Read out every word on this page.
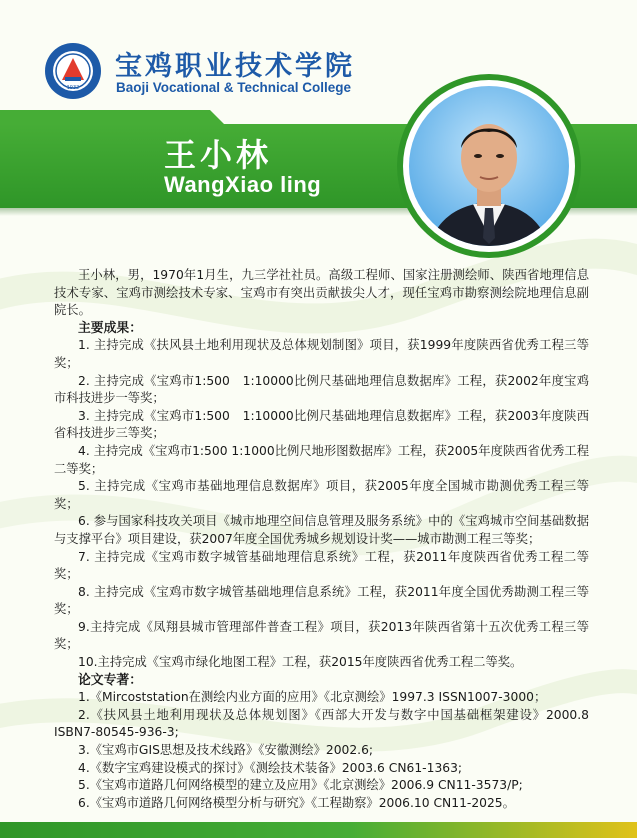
1932
宝鸡职业技术学院
Baoji Vocational & Technical College
王小林
WangXiao ling

王小林，男，1970年1月生，九三学社社员。高级工程师、国家注册测绘师、陕西省地理信息技术专家、宝鸡市测绘技术专家、宝鸡市有突出贡献拔尖人才，现任宝鸡市勘察测绘院地理信息副院长。

主要成果：

1. 主持完成《扶风县土地利用现状及总体规划制图》项目，获1999年度陕西省优秀工程三等奖；

2. 主持完成《宝鸡市1:500　1:10000比例尺基础地理信息数据库》工程，获2002年度宝鸡市科技进步一等奖；

3. 主持完成《宝鸡市1:500　1:10000比例尺基础地理信息数据库》工程，获2003年度陕西省科技进步三等奖；

4. 主持完成《宝鸡市1:500 1:1000比例尺地形图数据库》工程，获2005年度陕西省优秀工程二等奖；

5. 主持完成《宝鸡市基础地理信息数据库》项目，获2005年度全国城市勘测优秀工程三等奖；

6. 参与国家科技攻关项目《城市地理空间信息管理及服务系统》中的《宝鸡城市空间基础数据与支撑平台》项目建设，获2007年度全国优秀城乡规划设计奖——城市勘测工程三等奖；

7. 主持完成《宝鸡市数字城管基础地理信息系统》工程，获2011年度陕西省优秀工程二等奖；

8. 主持完成《宝鸡市数字城管基础地理信息系统》工程，获2011年度全国优秀勘测工程三等奖；

9.主持完成《凤翔县城市管理部件普查工程》项目，获2013年陕西省第十五次优秀工程三等奖；

10.主持完成《宝鸡市绿化地图工程》工程，获2015年度陕西省优秀工程二等奖。

论文专著：

1.《Mircoststation在测绘内业方面的应用》《北京测绘》1997.3 ISSN1007-3000；

2.《扶风县土地利用现状及总体规划图》《西部大开发与数字中国基础框架建设》2000.8 ISBN7-80545-936-3;

3.《宝鸡市GIS思想及技术线路》《安徽测绘》2002.6;

4.《数字宝鸡建设模式的探讨》《测绘技术装备》2003.6 CN61-1363;

5.《宝鸡市道路几何网络模型的建立及应用》《北京测绘》2006.9 CN11-3573/P;

6.《宝鸡市道路几何网络模型分析与研究》《工程勘察》2006.10 CN11-2025。
